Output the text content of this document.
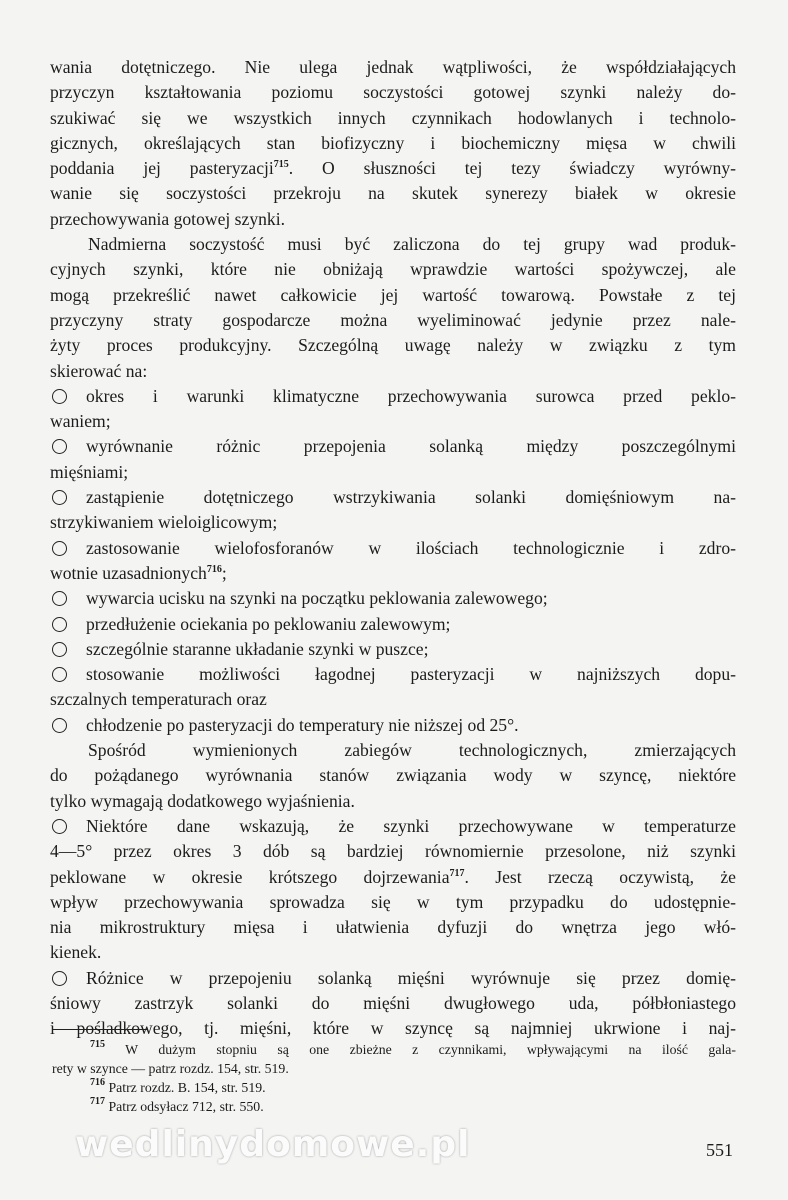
wania dotętniczego. Nie ulega jednak wątpliwości, że współdziałających
przyczyn kształtowania poziomu soczystości gotowej szynki należy do-
szukiwać się we wszystkich innych czynnikach hodowlanych i technolo-
gicznych, określających stan biofizyczny i biochemiczny mięsa w chwili
poddania jej pasteryzacji$^{715}$. O słuszności tej tezy świadczy wyrówny-
wanie się soczystości przekroju na skutek synerezy białek w okresie
przechowywania gotowej szynki.
Nadmierna soczystość musi być zaliczona do tej grupy wad produk-
cyjnych szynki, które nie obniżają wprawdzie wartości spożywczej, ale
mogą przekreślić nawet całkowicie jej wartość towarową. Powstałe z tej
przyczyny straty gospodarcze można wyeliminować jedynie przez nale-
żyty proces produkcyjny. Szczególną uwagę należy w związku z tym
skierować na:
okres i warunki klimatyczne przechowywania surowca przed peklo-
waniem;
wyrównanie różnic przepojenia solanką między poszczególnymi
mięśniami;
zastąpienie dotętniczego wstrzykiwania solanki domięśniowym na-
strzykiwaniem wieloiglicowym;
zastosowanie wielofosforanów w ilościach technologicznie i zdro-
wotnie uzasadnionych$^{716}$;
wywarcia ucisku na szynki na początku peklowania zalewowego;
przedłużenie ociekania po peklowaniu zalewowym;
szczególnie staranne układanie szynki w puszce;
stosowanie możliwości łagodnej pasteryzacji w najniższych dopu-
szczalnych temperaturach oraz
chłodzenie po pasteryzacji do temperatury nie niższej od 25°.
Spośród wymienionych zabiegów technologicznych, zmierzających
do pożądanego wyrównania stanów związania wody w szyncę, niektóre
tylko wymagają dodatkowego wyjaśnienia.
Niektóre dane wskazują, że szynki przechowywane w temperaturze
4—5° przez okres 3 dób są bardziej równomiernie przesolone, niż szynki
peklowane w okresie krótszego dojrzewania$^{717}$. Jest rzeczą oczywistą, że
wpływ przechowywania sprowadza się w tym przypadku do udostępnie-
nia mikrostruktury mięsa i ułatwienia dyfuzji do wnętrza jego włó-
kienek.
Różnice w przepojeniu solanką mięśni wyrównuje się przez domię-
śniowy zastrzyk solanki do mięśni dwugłowego uda, półbłoniastego
i pośladkowego, tj. mięśni, które w szyncę są najmniej ukrwione i naj-
$^{715}$ W dużym stopniu są one zbieżne z czynnikami, wpływającymi na ilość gala-
rety w szynce — patrz rozdz. 154, str. 519.
$^{716}$ Patrz rozdz. B. 154, str. 519.
$^{717}$ Patrz odsyłacz 712, str. 550.
551
wedlinydomowe.pl
